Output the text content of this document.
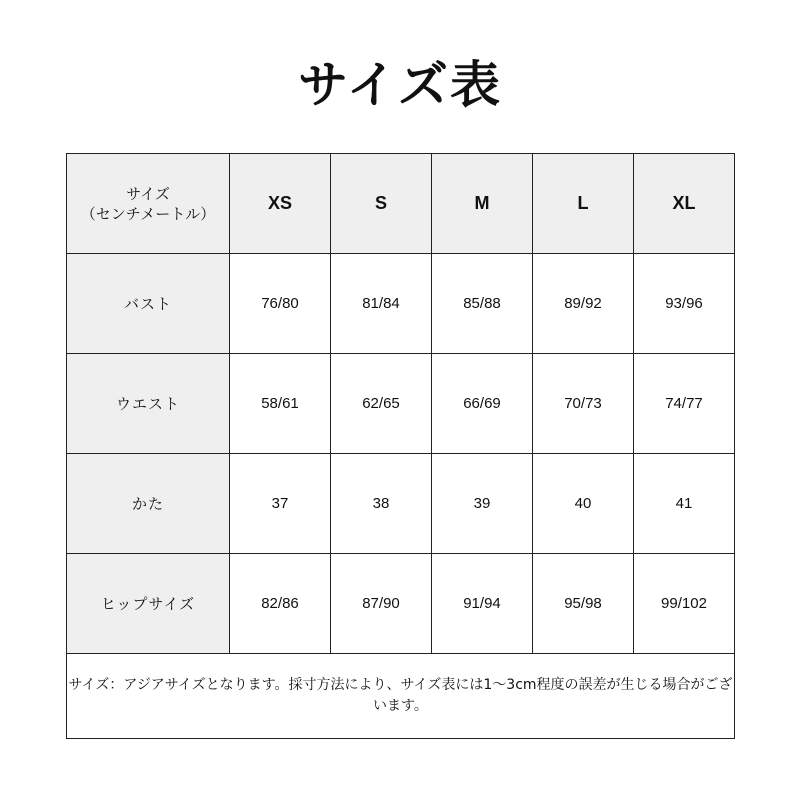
サイズ表
サイズ
（センチメートル）	XS	S	M	L	XL
バスト	76/80	81/84	85/88	89/92	93/96
ウエスト	58/61	62/65	66/69	70/73	74/77
かた	37	38	39	40	41
ヒップサイズ	82/86	87/90	91/94	95/98	99/102
サイズ：アジアサイズとなります。採寸方法により、サイズ表には1～3cm程度の誤差が生じる場合がございます。					
